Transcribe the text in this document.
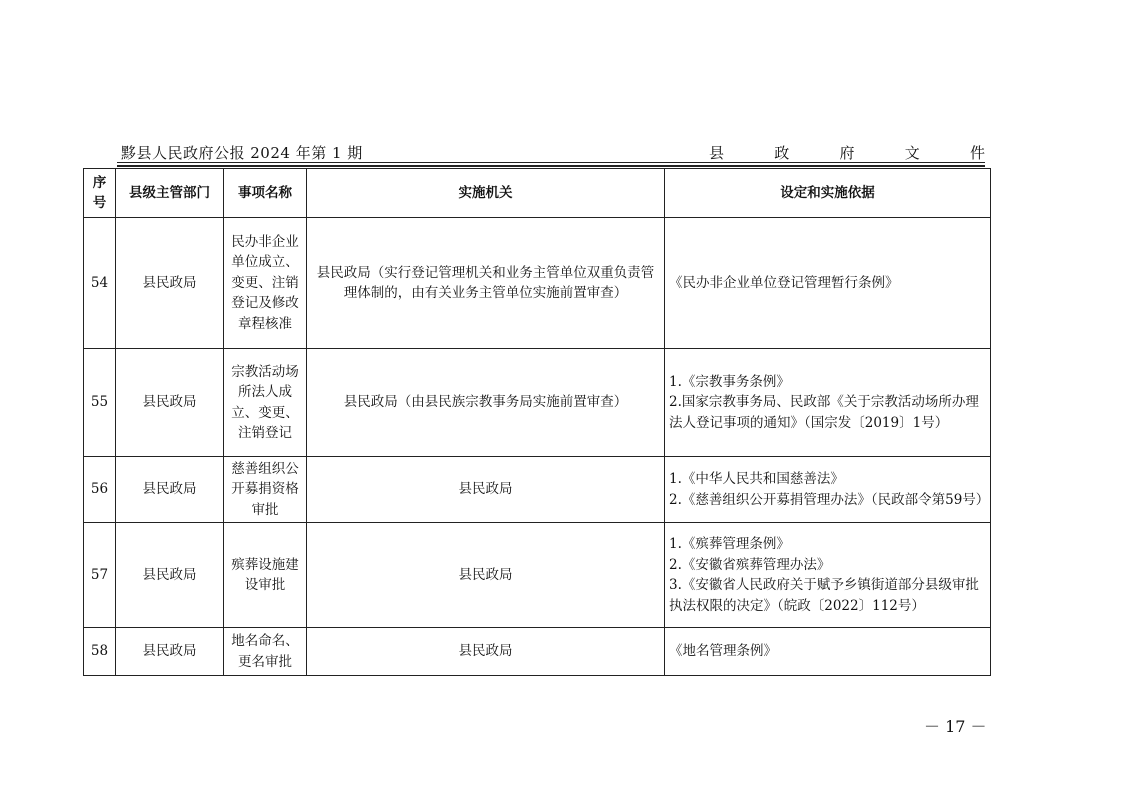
黟县人民政府公报 2024 年第 1 期	县	政	府	文	件
序号	县级主管部门	事项名称	实施机关	设定和实施依据
54	县民政局	民办非企业单位成立、变更、注销登记及修改章程核准	县民政局（实行登记管理机关和业务主管单位双重负责管理体制的，由有关业务主管单位实施前置审查）	《民办非企业单位登记管理暂行条例》

55	县民政局	宗教活动场所法人成立、变更、注销登记	县民政局（由县民族宗教事务局实施前置审查）	1.《宗教事务条例》
2.国家宗教事务局、民政部《关于宗教活动场所办理法人登记事项的通知》（国宗发〔2019〕1号）

56	县民政局	慈善组织公开募捐资格审批	县民政局	1.《中华人民共和国慈善法》
2.《慈善组织公开募捐管理办法》（民政部令第59号）

57	县民政局	殡葬设施建设审批	县民政局	1.《殡葬管理条例》
2.《安徽省殡葬管理办法》
3.《安徽省人民政府关于赋予乡镇街道部分县级审批执法权限的决定》（皖政〔2022〕112号）

58	县民政局	地名命名、更名审批	县民政局	《地名管理条例》
－ 17 －
